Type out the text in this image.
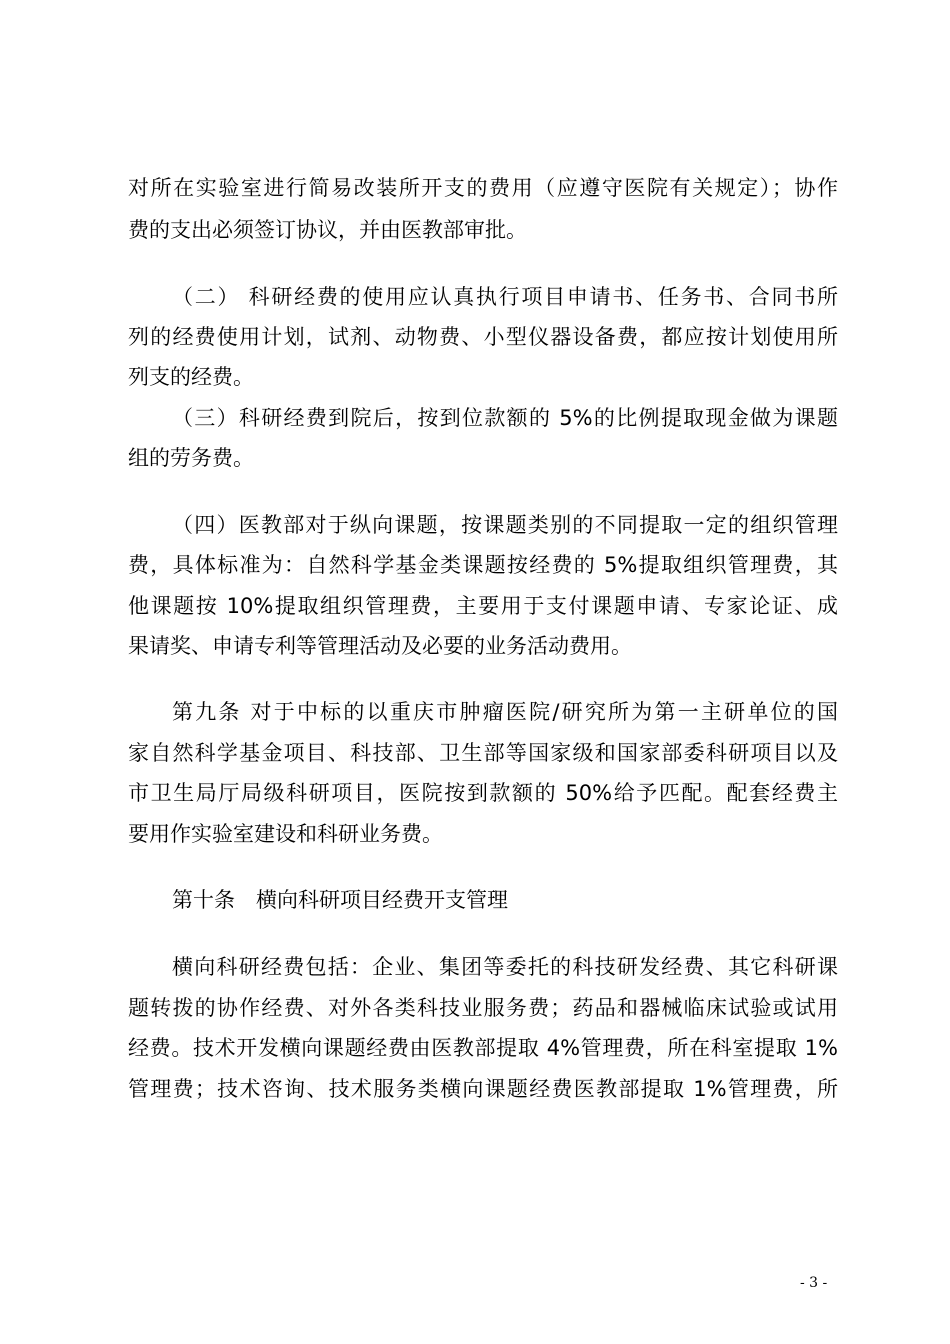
对所在实验室进行简易改装所开支的费用（应遵守医院有关规定）；协作
费的支出必须签订协议，并由医教部审批。
（二） 科研经费的使用应认真执行项目申请书、任务书、合同书所
列的经费使用计划，试剂、动物费、小型仪器设备费，都应按计划使用所
列支的经费。
（三）科研经费到院后，按到位款额的 5%的比例提取现金做为课题
组的劳务费。
（四）医教部对于纵向课题，按课题类别的不同提取一定的组织管理
费，具体标准为：自然科学基金类课题按经费的 5%提取组织管理费，其
他课题按 10%提取组织管理费，主要用于支付课题申请、专家论证、成
果请奖、申请专利等管理活动及必要的业务活动费用。
第九条 对于中标的以重庆市肿瘤医院/研究所为第一主研单位的国
家自然科学基金项目、科技部、卫生部等国家级和国家部委科研项目以及
市卫生局厅局级科研项目，医院按到款额的 50%给予匹配。配套经费主
要用作实验室建设和科研业务费。
第十条　横向科研项目经费开支管理
横向科研经费包括：企业、集团等委托的科技研发经费、其它科研课
题转拨的协作经费、对外各类科技业服务费；药品和器械临床试验或试用
经费。技术开发横向课题经费由医教部提取 4%管理费，所在科室提取 1%
管理费；技术咨询、技术服务类横向课题经费医教部提取 1%管理费，所
- 3 -
